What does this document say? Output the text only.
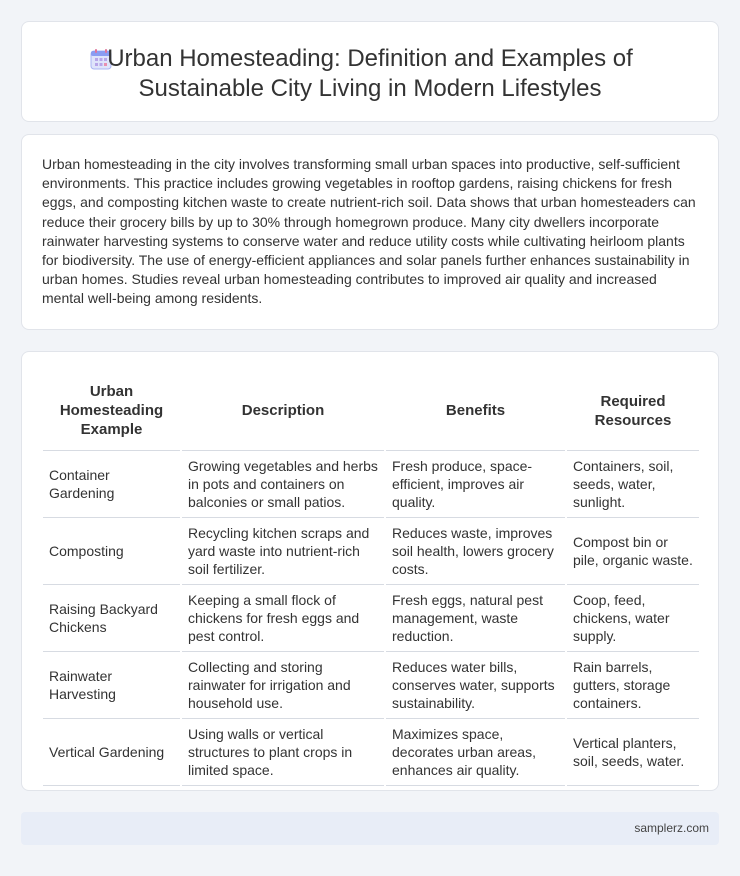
Urban Homesteading: Definition and Examples of Sustainable City Living in Modern Lifestyles

Urban homesteading in the city involves transforming small urban spaces into productive, self-sufficient environments. This practice includes growing vegetables in rooftop gardens, raising chickens for fresh eggs, and composting kitchen waste to create nutrient-rich soil. Data shows that urban homesteaders can reduce their grocery bills by up to 30% through homegrown produce. Many city dwellers incorporate rainwater harvesting systems to conserve water and reduce utility costs while cultivating heirloom plants for biodiversity. The use of energy-efficient appliances and solar panels further enhances sustainability in urban homes. Studies reveal urban homesteading contributes to improved air quality and increased mental well-being among residents.

Urban Homesteading Example	Description	Benefits	Required Resources
Container Gardening	Growing vegetables and herbs in pots and containers on balconies or small patios.	Fresh produce, space-efficient, improves air quality.	Containers, soil, seeds, water, sunlight.
Composting	Recycling kitchen scraps and yard waste into nutrient-rich soil fertilizer.	Reduces waste, improves soil health, lowers grocery costs.	Compost bin or pile, organic waste.
Raising Backyard Chickens	Keeping a small flock of chickens for fresh eggs and pest control.	Fresh eggs, natural pest management, waste reduction.	Coop, feed, chickens, water supply.
Rainwater Harvesting	Collecting and storing rainwater for irrigation and household use.	Reduces water bills, conserves water, supports sustainability.	Rain barrels, gutters, storage containers.
Vertical Gardening	Using walls or vertical structures to plant crops in limited space.	Maximizes space, decorates urban areas, enhances air quality.	Vertical planters, soil, seeds, water.
samplerz.com
